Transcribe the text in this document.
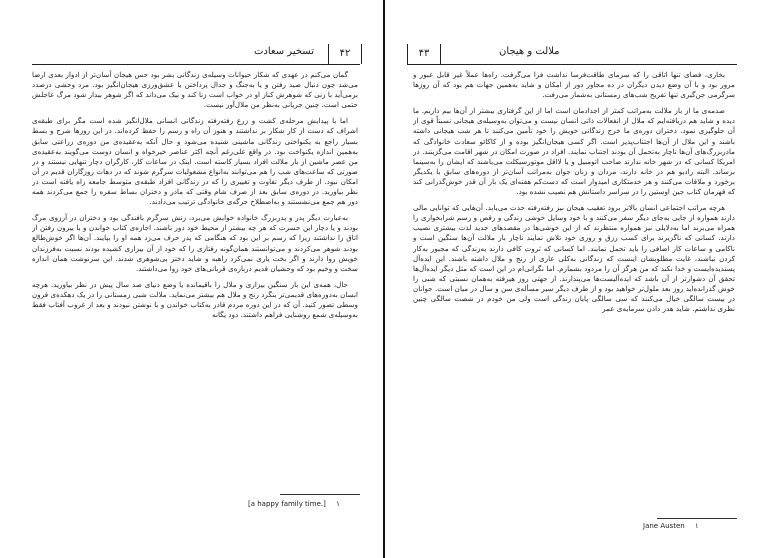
تسخیر سعادت	۴۲

گمان می‌کنم در عهدی که شکار حیوانات وسیله‌ی زندگانی بشر بود حس هیجان آسان‌تر از ادوار بعدی ارضا می‌شد چون دنبال صید رفتن و یا به‌جنگ و جدال پرداختن یا عشق‌ورزی هیجان‌انگیز بود. مرد وحشی درصدد برمی‌آید با زنی که شوهرش کنار او در خواب است زنا کند و نیک می‌داند که اگر شوهر بیدار شود مرگ عاجلش حتمی است. چنین جریانی به‌نظر من ملال‌آور نیست.

اما با پیدایش مرحله‌ی کشت و زرع رفته‌رفته زندگانی انسانی ملال‌انگیز شده است مگر برای طبقه‌ی اشراف که دست از کار شکار بر نداشتند و هنوز آن راه و رسم را حفظ کرده‌اند. در این روزها شرح و بسط بسیار راجع به یکنواختی زندگانی ماشینی شنیده می‌شود و حال آنکه به‌عقیده‌ی من دوره‌ی زراعتی سابق به‌همین اندازه یکنواخت بود. در واقع علی‌رغم آنچه اکثر عناصر خیرخواه و انسان دوست می‌گویند به‌عقیده‌ی من عصر ماشین از بار ملالت افراد بسیار کاسته است. اینک در ساعات کار، کارگران دچار تنهایی نیستند و در صورتی که ساعت‌های شب را هم می‌توانند به‌انواع مشغولیات سرگرم شوند که در دهات روزگاران قدیم در آن امکان نبود. از طرف دیگر تفاوت و تغییری را که در زندگانی افراد طبقه‌ی متوسط جامعه راه یافته است در نظر بیاورید. در دوره‌ی سابق بعد از صرف شام وقتی که مادر و دختران بساط سفره را جمع می‌کردند همه دور هم جمع می‌نشستند و به‌اصطلاح جرگه‌ی خانوادگی ترتیب می‌دادند.

به‌عبارت دیگر پدر و پدربزرگ خانواده خوابش می‌برد، زنش سرگرم بافندگی بود و دختران در آرزوی مرگ بودند و یا دچار این حسرت که هر چه بیشتر از محیط خود دور باشند. اجازه‌ی کتاب خواندن و یا بیرون رفتن از اتاق را نداشتند زیرا که رسم بر این بود که هنگامی که پدر حرف می‌زد همه او را بپایند. آن‌ها اگر خوش‌طالع بودند شوهر می‌کردند و می‌توانستند همان‌گونه رفتاری را که خود از آن بیزاری کشیده بودند نسبت به‌فرزندان خویش روا دارند و اگر بخت یاری نمی‌کرد راهبه و شاید دختر بی‌شوهری شدند. این سرنوشت همان اندازه سخت و وخیم بود که وحشیان قدیم درباره‌ی قربانی‌های خود روا می‌داشتند.

حال، همه‌ی این بار سنگین بیزاری و ملال را باقیمانده یا وضع دنیای صد سال پیش در نظر بیاورید. هرچه انسان به‌دوره‌های قدیمی‌تر بنگرد رنج و ملال هم بیشتر می‌نماید. ملالت شبی زمستانی را در یک دهکده‌ی قرون وسطی تصور کنید. آن که در این دوره مردم قادر به‌کتاب خواندن و یا نوشتن نبودند و بعد از غروب آفتاب فقط به‌وسیله‌ی شمع روشنایی فراهم داشتند. دود یگانه

[a happy family time.] ۱
۴۳	ملالت و هیجان

بخاری، فضای تنها اتاقی را که سرمای طاقت‌فرسا نداشت فرا می‌گرفت. راه‌ها عملاً غیر قابل عبور و مرور بود و با آن وضع دیدن دیگران در ده مجاور دور از امکان و شاید به‌همین جهات هم بود که آن روزها سرگرمی جن‌گیری تنها تفریح شب‌های زمستانی به‌شمار می‌رفت.

صدمه‌ی ما از بار ملالت به‌مراتب کمتر از اجدادمان است اما از این گرفتاری بیشتر از آن‌ها بیم داریم. ما دیده و شاید هم دریافته‌ایم که ملال از انفعالات ذاتی انسان نیست و می‌توان به‌وسیله‌ی هیجانی نسبتاً قوی از آن جلوگیری نمود. دختران دوره‌ی ما خرج زندگانی خویش را خود تأمین می‌کنند تا هر شب هیجانی داشته باشند و این ملال از آن‌ها اجتناب‌پذیر است. اگر کسی هیجان‌انگیز بوده و از کاکائو سعادت خانوادگی که مادربزرگ‌های آن‌ها ناچار به‌تحمل آن بودند اجتناب نمایند. افراد در صورت امکان در شهر اقامت می‌گزینند. در امریکا کسانی که در شهر خانه ندارند صاحب اتومبیل و یا لااقل موتورسیکلت می‌باشند که ایشان را به‌سینما برساند. البته رادیو هم در خانه دارند، مردان و زنان جوان به‌مراتب آسان‌تر از دوره‌های سابق با یکدیگر برخورد و ملاقات می‌کنند و هر خدمتکاری امیدوار است که دست‌کم هفته‌ای یک بار آن قدر خوش‌گذرانی کند که قهرمان کتاب جین اوستین را در سراسر داستانش هم نصیب نشده بود.

هرچه مراتب اجتماعی انسان بالاتر برود تعقیب هیجان نیز رفته‌رفته حدت می‌یابد. آن‌هایی که توانایی مالی دارند همواره از جایی به‌جای دیگر سفر می‌کنند و با خود وسایل خوشی زندگی و رقص و رسم شرابخواری را همراه می‌برند اما به‌دلایلی نیز همواره منتظرند که از این خوشی‌ها در مقصدهای جدید لذت بیشتری نصیب دارند. کسانی که ناگزیرند برای کسب رزق و روزی خود تلاش نمایند ناچار بار ملالت آن‌ها سنگین است و ناکامی و ساعات کار اضافی را باید تحمل نمایند. اما کسانی که ثروت کافی دارند به‌زندگی که مجبور به‌کار کردن نباشند، غایت مطلوبشان اینست که زندگانی به‌کلی عاری از رنج و ملال داشته باشند. این ایده‌آل پسندیده‌ایست و خدا نکند که من هرگز آن را مردود بشمارم. اما نگرانی‌ام در این است که مثل دیگر ایده‌آل‌ها تحقق آن دشوارتر از آن باشد که ایده‌آلیست‌ها می‌پندارند. از جهتی روز هیرفته به‌همان نسبتی که شبی را خوش گذرانده‌اید روز بعد ملول‌تر خواهید بود و از طرف دیگر سیر مسأله‌ی سن و سال در میان است. جوانان در بیست سالگی خیال می‌کنند که سی سالگی پایان زندگی است ولی من خودم در شصت سالگی چنین نظری نداشتم. شاید هدر دادن سرمایه‌ی عمر

Jane Austen ۱
